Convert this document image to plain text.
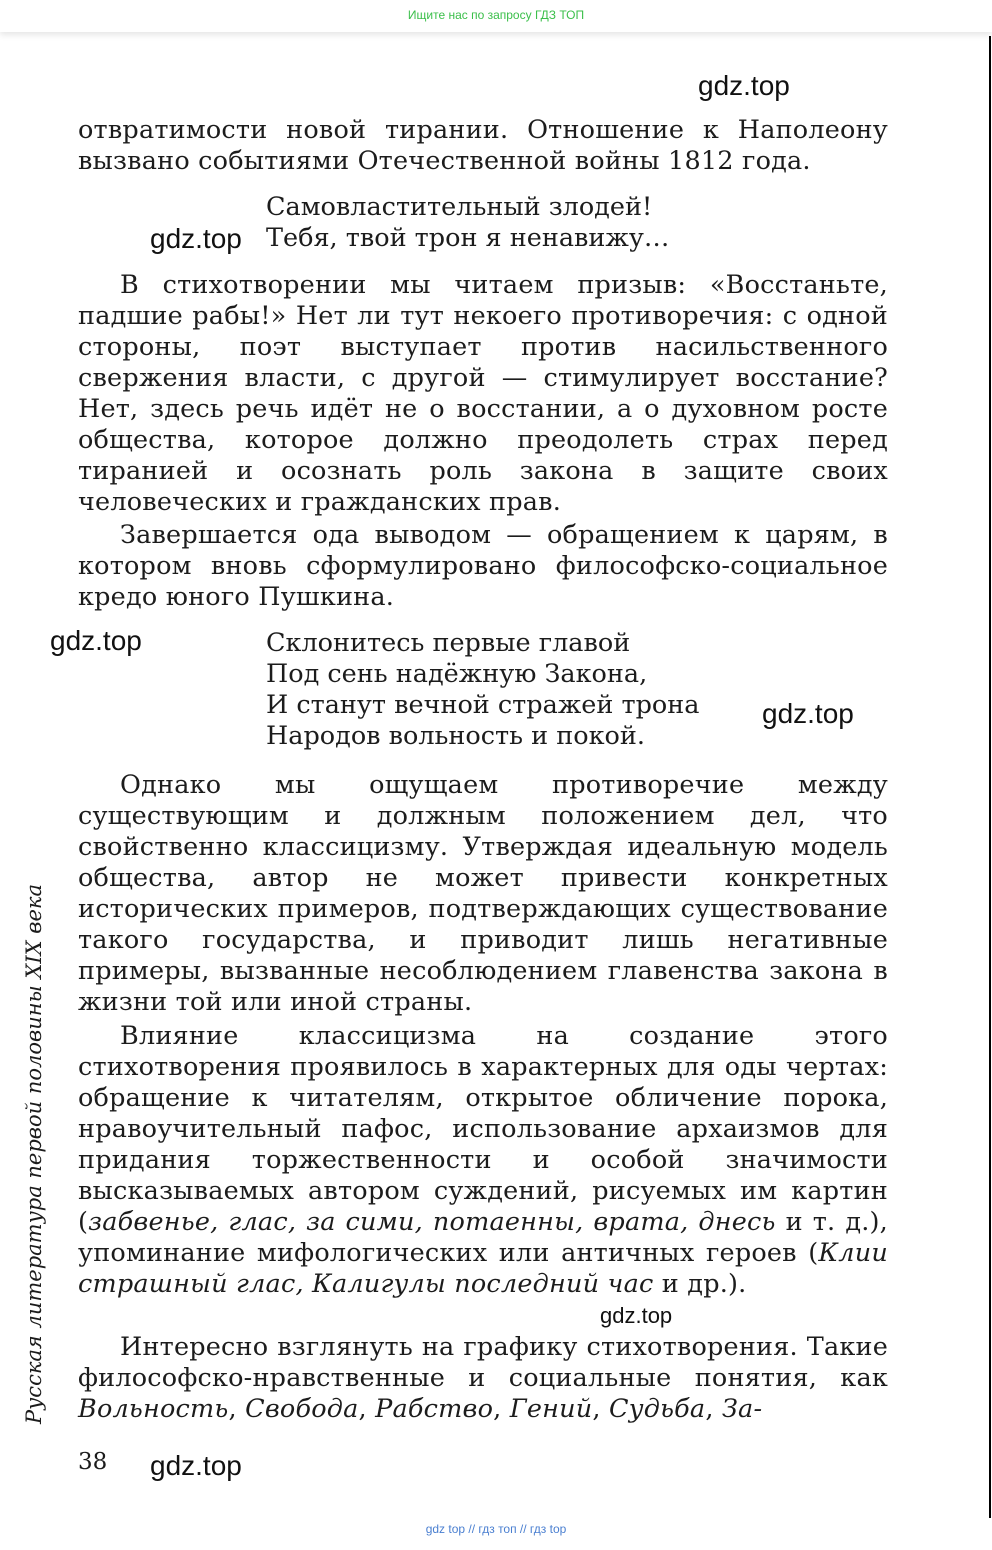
Ищите нас по запросу ГДЗ ТОП
gdz.top

отвратимости новой тирании. Отношение к Наполеону вызвано событиями Отечественной войны 1812 года.

Самовластительный злодей!
Тебя, твой трон я ненавижу…
gdz.top

В стихотворении мы читаем призыв: «Восстаньте, падшие рабы!» Нет ли тут некоего противоречия: с одной стороны, поэт выступает против насильственного свержения власти, с другой — стимулирует восстание? Нет, здесь речь идёт не о восстании, а о духовном росте общества, которое должно преодолеть страх перед тиранией и осознать роль закона в защите своих человеческих и гражданских прав.

Завершается ода выводом — обращением к царям, в котором вновь сформулировано философско-социальное кредо юного Пушкина.

gdz.top	Склонитесь первые главой
Под сень надёжную Закона,
И станут вечной стражей трона
Народов вольность и покой.
gdz.top

Однако мы ощущаем противоречие между существующим и должным положением дел, что свойственно классицизму. Утверждая идеальную модель общества, автор не может привести конкретных исторических примеров, подтверждающих существование такого государства, и приводит лишь негативные примеры, вызванные несоблюдением главенства закона в жизни той или иной страны.

Влияние классицизма на создание этого стихотворения проявилось в характерных для оды чертах: обращение к читателям, открытое обличение порока, нравоучительный пафос, использование архаизмов для придания торжественности и особой значимости высказываемых автором суждений, рисуемых им картин (забвенье, глас, за сими, потаенны, врата, днесь и т. д.), упоминание мифологических или античных героев (Клии страшный глас, Калигулы последний час и др.).

gdz.top

Интересно взглянуть на графику стихотворения. Такие философско-нравственные и социальные понятия, как Вольность, Свобода, Рабство, Гений, Судьба, За-

Русская литература первой половины XIX века
38 gdz.top
gdz top // гдз топ // гдз top
